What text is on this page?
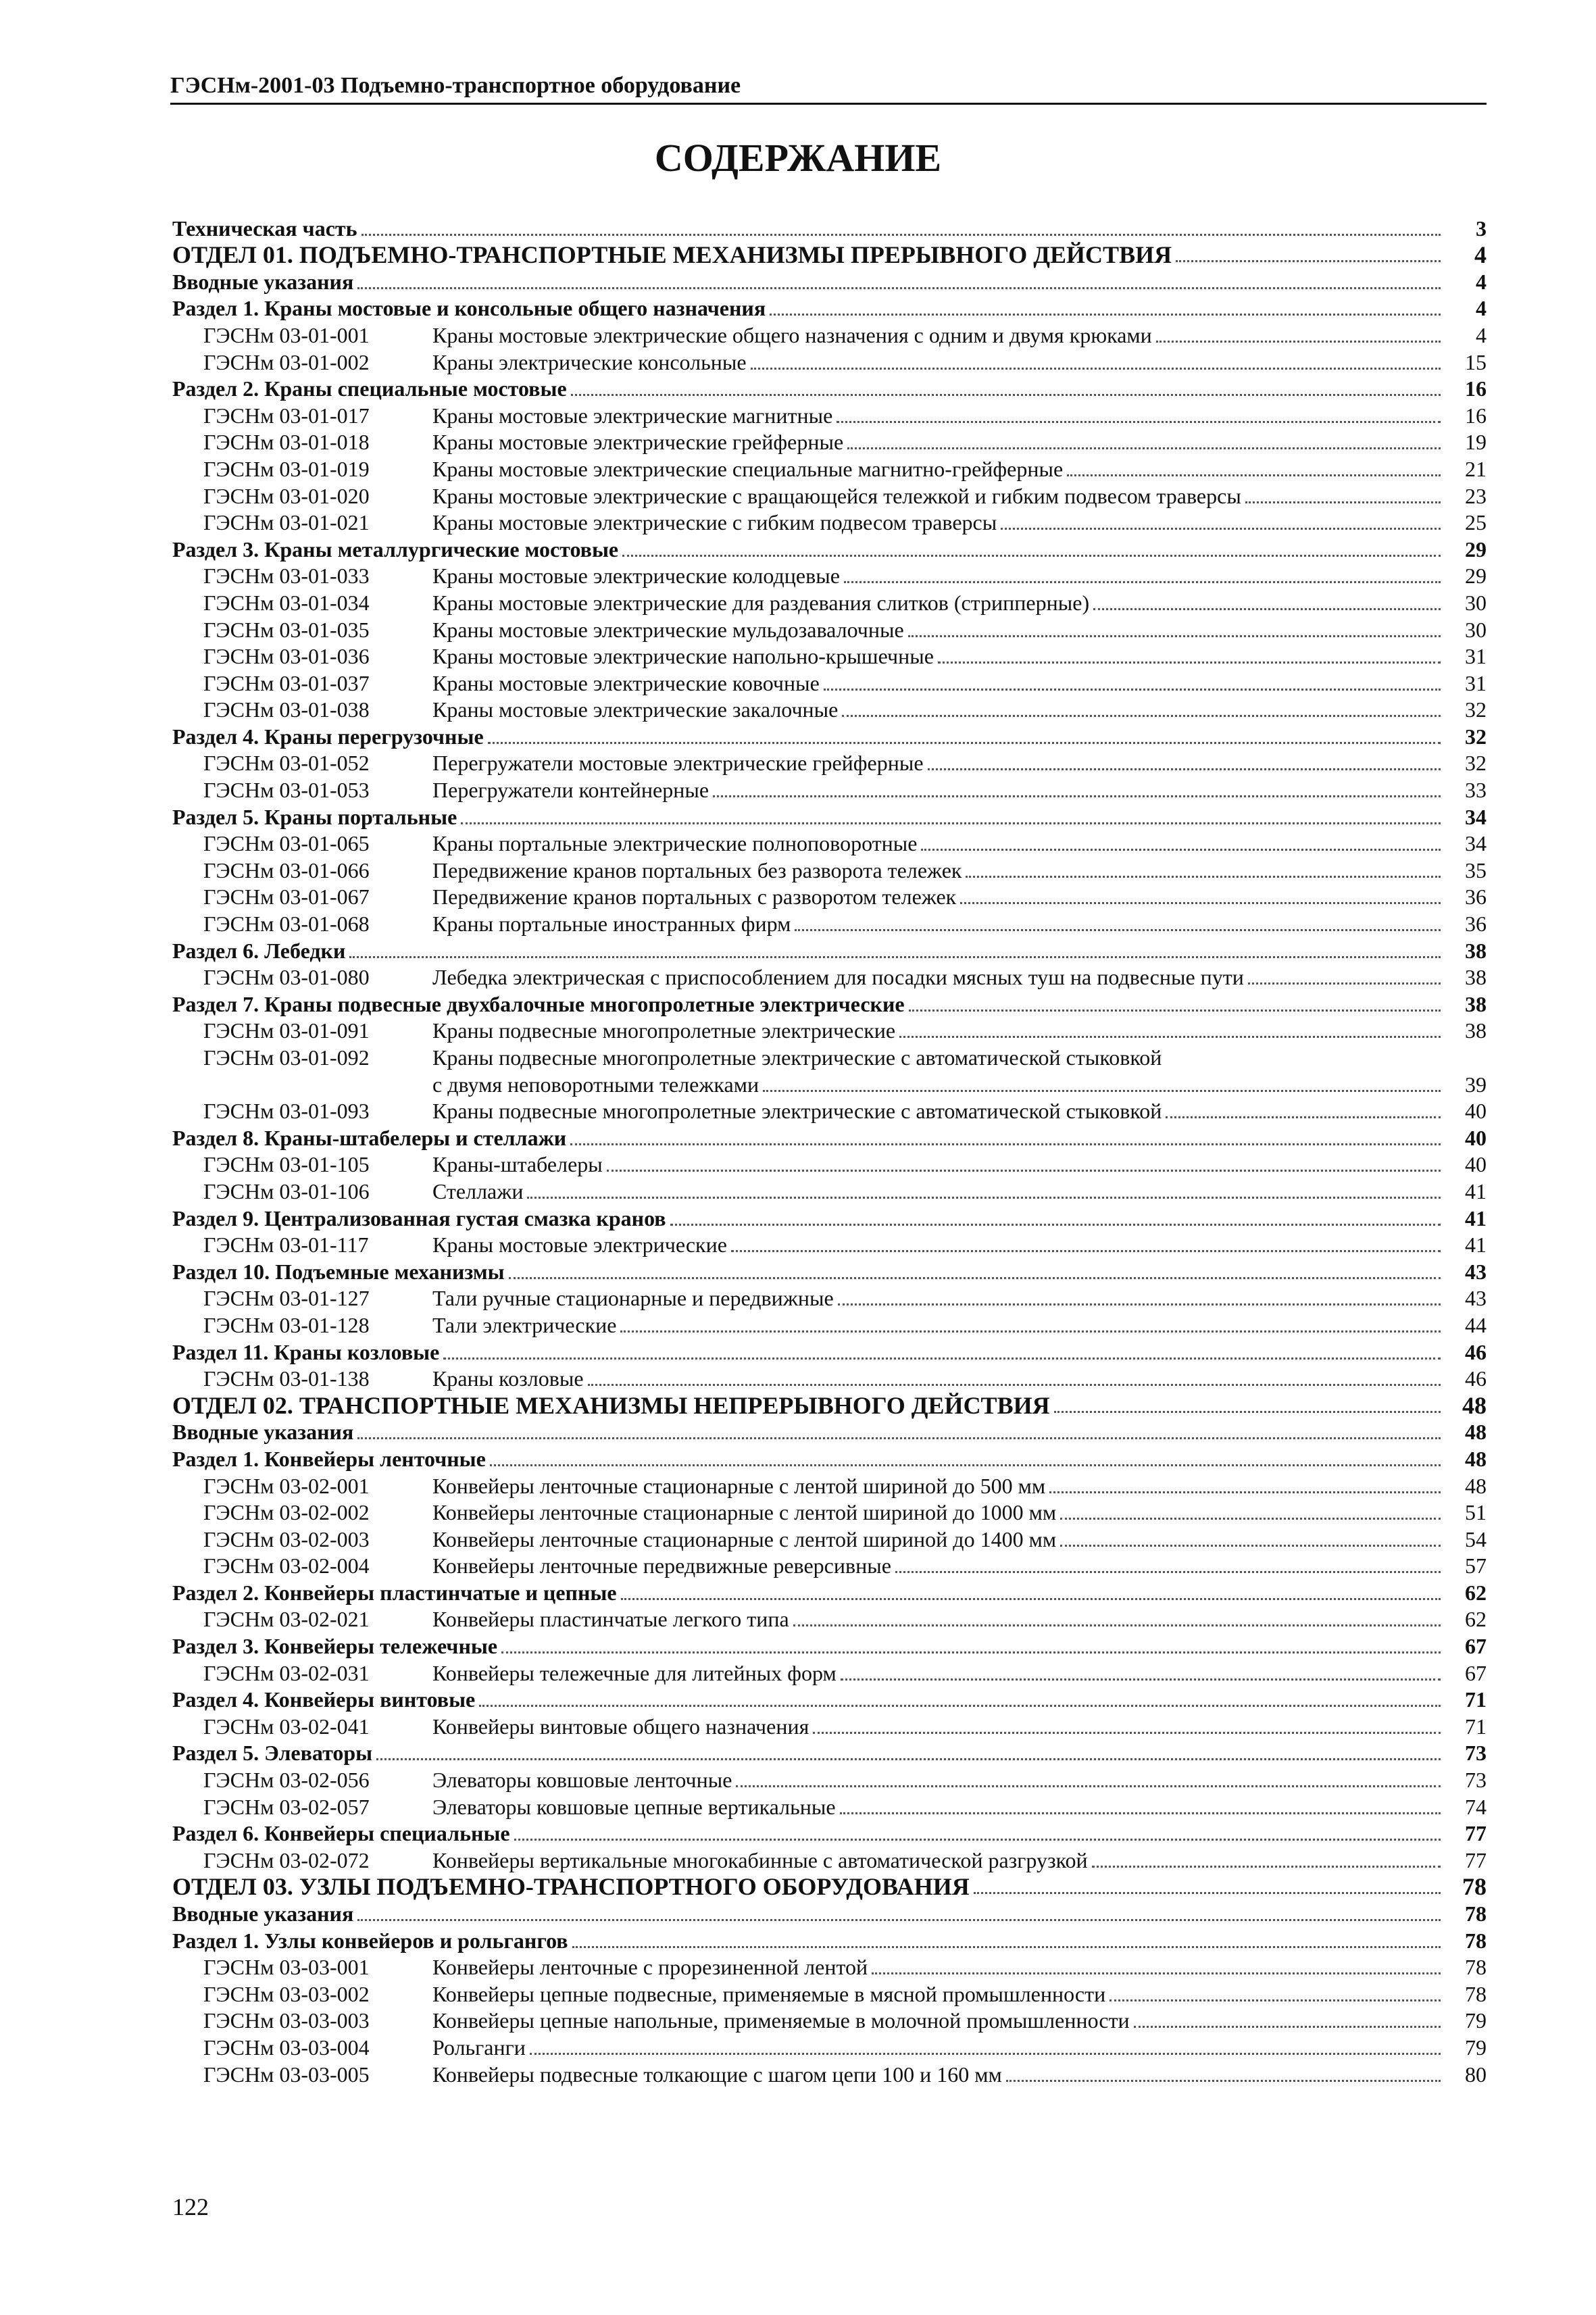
ГЭСНм-2001-03 Подъемно-транспортное оборудование
СОДЕРЖАНИЕ
Техническая часть	3
ОТДЕЛ 01. ПОДЪЕМНО-ТРАНСПОРТНЫЕ МЕХАНИЗМЫ ПРЕРЫВНОГО ДЕЙСТВИЯ	4
Вводные указания	4
Раздел 1. Краны мостовые и консольные общего назначения	4
ГЭСНм 03-01-001	Краны мостовые электрические общего назначения с одним и двумя крюками	4
ГЭСНм 03-01-002	Краны электрические консольные	15
Раздел 2. Краны специальные мостовые	16
ГЭСНм 03-01-017	Краны мостовые электрические магнитные	16
ГЭСНм 03-01-018	Краны мостовые электрические грейферные	19
ГЭСНм 03-01-019	Краны мостовые электрические специальные магнитно-грейферные	21
ГЭСНм 03-01-020	Краны мостовые электрические с вращающейся тележкой и гибким подвесом траверсы	23
ГЭСНм 03-01-021	Краны мостовые электрические с гибким подвесом траверсы	25
Раздел 3. Краны металлургические мостовые	29
ГЭСНм 03-01-033	Краны мостовые электрические колодцевые	29
ГЭСНм 03-01-034	Краны мостовые электрические для раздевания слитков (стрипперные)	30
ГЭСНм 03-01-035	Краны мостовые электрические мульдозавалочные	30
ГЭСНм 03-01-036	Краны мостовые электрические напольно-крышечные	31
ГЭСНм 03-01-037	Краны мостовые электрические ковочные	31
ГЭСНм 03-01-038	Краны мостовые электрические закалочные	32
Раздел 4. Краны перегрузочные	32
ГЭСНм 03-01-052	Перегружатели мостовые электрические грейферные	32
ГЭСНм 03-01-053	Перегружатели контейнерные	33
Раздел 5. Краны портальные	34
ГЭСНм 03-01-065	Краны портальные электрические полноповоротные	34
ГЭСНм 03-01-066	Передвижение кранов портальных без разворота тележек	35
ГЭСНм 03-01-067	Передвижение кранов портальных с разворотом тележек	36
ГЭСНм 03-01-068	Краны портальные иностранных фирм	36
Раздел 6. Лебедки	38
ГЭСНм 03-01-080	Лебедка электрическая с приспособлением для посадки мясных туш на подвесные пути	38
Раздел 7. Краны подвесные двухбалочные многопролетные электрические	38
ГЭСНм 03-01-091	Краны подвесные многопролетные электрические	38
ГЭСНм 03-01-092	Краны подвесные многопролетные электрические с автоматической стыковкой
с двумя неповоротными тележками	39
ГЭСНм 03-01-093	Краны подвесные многопролетные электрические с автоматической стыковкой	40
Раздел 8. Краны-штабелеры и стеллажи	40
ГЭСНм 03-01-105	Краны-штабелеры	40
ГЭСНм 03-01-106	Стеллажи	41
Раздел 9. Централизованная густая смазка кранов	41
ГЭСНм 03-01-117	Краны мостовые электрические	41
Раздел 10. Подъемные механизмы	43
ГЭСНм 03-01-127	Тали ручные стационарные и передвижные	43
ГЭСНм 03-01-128	Тали электрические	44
Раздел 11. Краны козловые	46
ГЭСНм 03-01-138	Краны козловые	46
ОТДЕЛ 02. ТРАНСПОРТНЫЕ МЕХАНИЗМЫ НЕПРЕРЫВНОГО ДЕЙСТВИЯ	48
Вводные указания	48
Раздел 1. Конвейеры ленточные	48
ГЭСНм 03-02-001	Конвейеры ленточные стационарные с лентой шириной до 500 мм	48
ГЭСНм 03-02-002	Конвейеры ленточные стационарные с лентой шириной до 1000 мм	51
ГЭСНм 03-02-003	Конвейеры ленточные стационарные с лентой шириной до 1400 мм	54
ГЭСНм 03-02-004	Конвейеры ленточные передвижные реверсивные	57
Раздел 2. Конвейеры пластинчатые и цепные	62
ГЭСНм 03-02-021	Конвейеры пластинчатые легкого типа	62
Раздел 3. Конвейеры тележечные	67
ГЭСНм 03-02-031	Конвейеры тележечные для литейных форм	67
Раздел 4. Конвейеры винтовые	71
ГЭСНм 03-02-041	Конвейеры винтовые общего назначения	71
Раздел 5. Элеваторы	73
ГЭСНм 03-02-056	Элеваторы ковшовые ленточные	73
ГЭСНм 03-02-057	Элеваторы ковшовые цепные вертикальные	74
Раздел 6. Конвейеры специальные	77
ГЭСНм 03-02-072	Конвейеры вертикальные многокабинные с автоматической разгрузкой	77
ОТДЕЛ 03. УЗЛЫ ПОДЪЕМНО-ТРАНСПОРТНОГО ОБОРУДОВАНИЯ	78
Вводные указания	78
Раздел 1. Узлы конвейеров и рольгангов	78
ГЭСНм 03-03-001	Конвейеры ленточные с прорезиненной лентой	78
ГЭСНм 03-03-002	Конвейеры цепные подвесные, применяемые в мясной промышленности	78
ГЭСНм 03-03-003	Конвейеры цепные напольные, применяемые в молочной промышленности	79
ГЭСНм 03-03-004	Рольганги	79
ГЭСНм 03-03-005	Конвейеры подвесные толкающие с шагом цепи 100 и 160 мм	80
122
